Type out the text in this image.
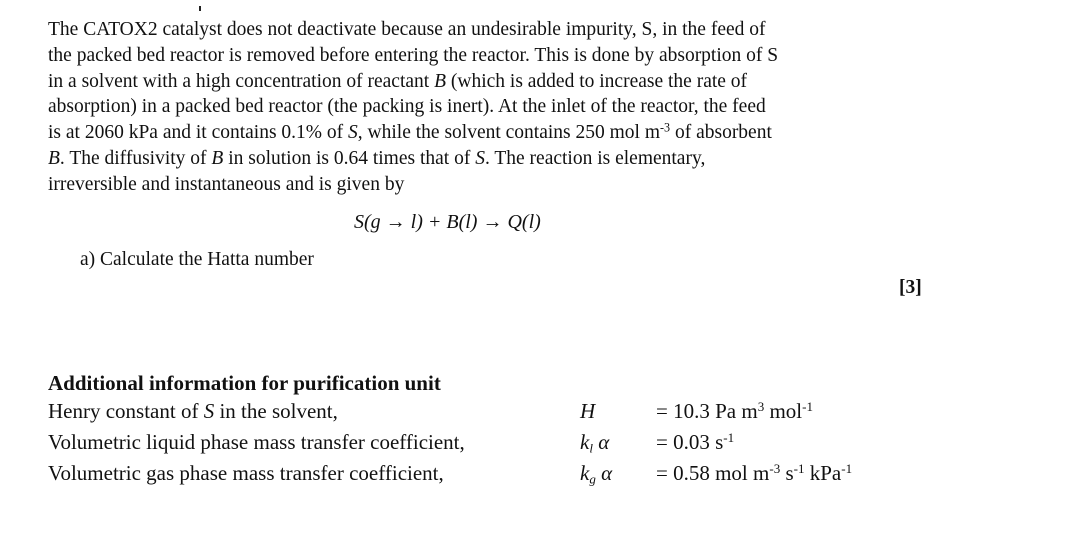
The CATOX2 catalyst does not deactivate because an undesirable impurity, S, in the feed of
the packed bed reactor is removed before entering the reactor. This is done by absorption of S
in a solvent with a high concentration of reactant B (which is added to increase the rate of
absorption) in a packed bed reactor (the packing is inert). At the inlet of the reactor, the feed
is at 2060 kPa and it contains 0.1% of S, while the solvent contains 250 mol $m^{-3}$ of absorbent
B. The diffusivity of B in solution is 0.64 times that of S. The reaction is elementary,
irreversible and instantaneous and is given by
S(g → l) + B(l) → Q(l)
a) Calculate the Hatta number
[3]
Additional information for purification unit
Henry constant of S in the solvent,	H	= 10.3 Pa $m^3$ mol$^{-1}$
Volumetric liquid phase mass transfer coefficient,	$k_l$ α = 0.03 $s^{-1}$
Volumetric gas phase mass transfer coefficient,	$k_g$ α = 0.58 mol $m^{-3}$ $s^{-1}$ kPa$^{-1}$
